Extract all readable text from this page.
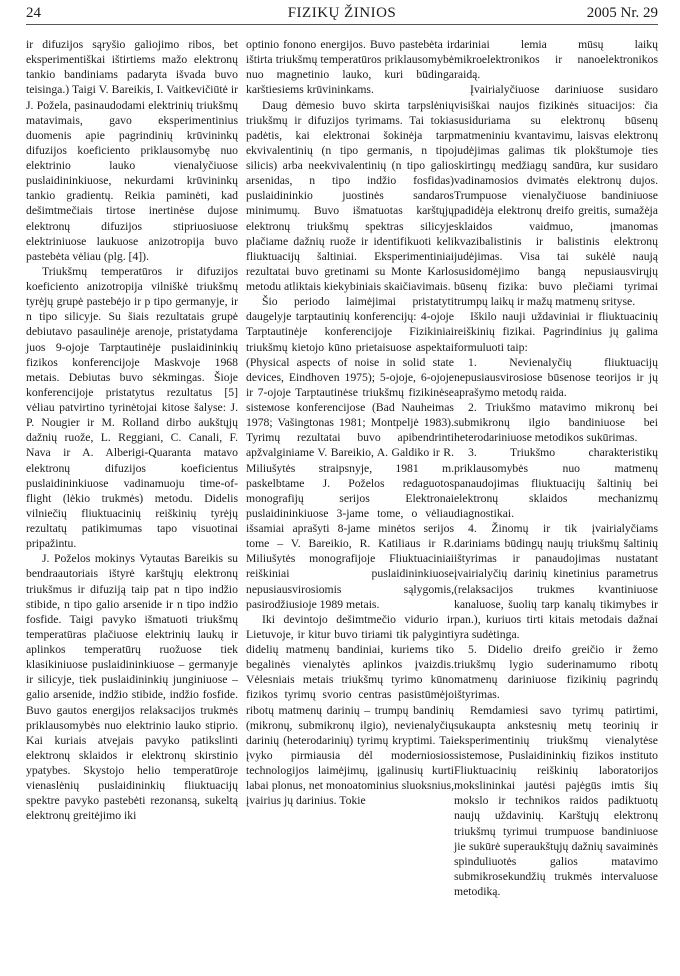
24	FIZIKŲ ŽINIOS	2005 Nr. 29

ir difuzijos sąryšio galiojimo ribos, bet eksperimentiškai ištirtiems mažo elektronų tankio bandiniams padaryta išvada buvo teisinga.) Taigi V. Bareikis, I. Vaitkevičiūtė ir J. Požela, pasinaudodami elektrinių triukšmų matavimais, gavo eksperimentinius duomenis apie pagrindinių krūvininkų difuzijos koeficiento priklausomybę nuo elektrinio lauko vienalyčiuose puslaidininkiuose, nekurdami krūvininkų tankio gradientų. Reikia paminėti, kad dešimtmečiais tirtose inertinėse dujose elektronų difuzijos stipriuosiuose elektriniuose laukuose anizotropija buvo pastebėta vėliau (plg. [4]).

Triukšmų temperatūros ir difuzijos koeficiento anizotropija vilniškė triukšmų tyrėjų grupė pastebėjo ir p tipo germanyje, ir n tipo silicyje. Su šiais rezultatais grupė debiutavo pasaulinėje arenoje, pristatydama juos 9-ojoje Tarptautinėje puslaidininkių fizikos konferencijoje Maskvoje 1968 metais. Debiutas buvo sėkmingas. Šioje konferencijoje pristatytus rezultatus [5] vėliau patvirtino tyrinėtojai kitose šalyse: J. P. Nougier ir M. Rolland dirbo aukštųjų dažnių ruože, L. Reggiani, C. Canali, F. Nava ir A. Alberigi-Quaranta matavo elektronų difuzijos koeficientus puslaidininkiuose vadinamuoju time-of-flight (lėkio trukmės) metodu. Didelis vilniečių fliuktuacinių reiškinių tyrėjų rezultatų patikimumas tapo visuotinai pripažintu.

J. Poželos mokinys Vytautas Bareikis su bendraautoriais ištyrė karštųjų elektronų triukšmus ir difuziją taip pat n tipo indžio stibide, n tipo galio arsenide ir n tipo indžio fosfide. Taigi pavyko išmatuoti triukšmų temperatūras plačiuose elektrinių laukų ir aplinkos temperatūrų ruožuose tiek klasikiniuose puslaidininkiuose – germanyje ir silicyje, tiek puslaidininkių junginiuose – galio arsenide, indžio stibide, indžio fosfide. Buvo gautos energijos relaksacijos trukmės priklausomybės nuo elektrinio lauko stiprio. Kai kuriais atvejais pavyko patikslinti elektronų sklaidos ir elektronų skirstinio ypatybes. Skystojo helio temperatūroje vienaslėnių puslaidininkių fliuktuacijų spektre pavyko pastebėti rezonansą, sukeltą elektronų greitėjimo iki

optinio fonono energijos. Buvo pastebėta ir ištirta triukšmų temperatūros priklausomybė nuo magnetinio lauko, kuri būdinga karštiesiems krūvininkams.

Daug dėmesio buvo skirta tarpslėnių triukšmų ir difuzijos tyrimams. Tai tokia padėtis, kai elektronai šokinėja tarp ekvivalentinių (n tipo germanis, n tipo silicis) arba neekvivalentinių (n tipo galio arsenidas, n tipo indžio fosfidas) puslaidininkio juostinės sandaros minimumų. Buvo išmatuotas karštųjų elektronų triukšmų spektras silicyje plačiame dažnių ruože ir identifikuoti keli fliuktuacijų šaltiniai. Eksperimentiniai rezultatai buvo gretinami su Monte Karlo metodu atliktais kiekybiniais skaičiavimais.

Šio periodo laimėjimai pristatyti daugelyje tarptautinių konferencijų: 4-ojoje Tarptautinėje konferencijoje Fizikiniai triukšmų kietojo kūno prietaisuose aspektai (Physical aspects of noise in solid state devices, Eindhoven 1975); 5-ojoje, 6-ojoje ir 7-ojoje Tarptautinėse triukšmų fizikinėse sisteмose konferencijose (Bad Nauheimas 1978; Vašingtonas 1981; Montpeljė 1983). Tyrimų rezultatai buvo apibendrinti apžvalginiame V. Bareikio, A. Galdiko ir R. Miliušytės straipsnyje, 1981 m. paskelbtame J. Poželos redaguotos monografijų serijos Elektronai puslaidininkiuose 3-jame tome, o vėliau išsamiai aprašyti 8-jame minėtos serijos tome – V. Bareikio, R. Katiliaus ir R. Miliušytės monografijoje Fliuktuaciniai reiškiniai puslaidininkiuose nepusiausvirosiomis sąlygomis, pasirodžiusioje 1989 metais.

Iki devintojo dešimtmečio vidurio ir Lietuvoje, ir kitur buvo tiriami tik palyginti didelių matmenų bandiniai, kuriems tiko begalinės vienalytės aplinkos įvaizdis. Vėlesniais metais triukšmų tyrimo kūno fizikos tyrimų svorio centras pasistūmėjo ribotų matmenų darinių – trumpų bandinių (mikronų, submikronų ilgio), nevienalyčių darinių (heterodarinių) tyrimų kryptimi. Tai įvyko pirmiausia dėl moderniosios technologijos laimėjimų, įgalinusių kurti labai plonus, net monoatominius sluoksnius, įvairius jų darinius. Tokie

dariniai lemia mūsų laikų mikroelektronikos ir nanoelektronikos raidą.

Įvairialyčiuose dariniuose susidaro visiškai naujos fizikinės situacijos: čia susiduriama su elektronų būsenų matmeniniu kvantavimu, laisvas elektronų judėjimas galimas tik plokštumoje ties skirtingų medžiagų sandūra, kur susidaro vadinamosios dvimatės elektronų dujos. Trumpuose vienalyčiuose bandiniuose padidėja elektronų dreifo greitis, sumažėja sklaidos vaidmuo, įmanomas kvazibalistinis ir balistinis elektronų judėjimas. Visa tai sukėlė naują susidomėjimo bangą nepusiausvirųjų būsenų fizika: buvo plečiami tyrimai trumpų laikų ir mažų matmenų srityse.

Iškilo nauji uždaviniai ir fliuktuacinių reiškinių fizikai. Pagrindinius jų galima formuluoti taip:

1. Nevienalyčių fliuktuacijų nepusiausvirosiose būsenose teorijos ir jų aprašymo metodų raida.

2. Triukšmo matavimo mikronų bei submikronų ilgio bandiniuose bei heterodariniuose metodikos sukūrimas.

3. Triukšmo charakteristikų priklausomybės nuo matmenų panaudojimas fliuktuacijų šaltinių bei elektronų sklaidos mechanizmų diagnostikai.

4. Žinomų ir tik įvairialyčiams dariniams būdingų naujų triukšmų šaltinių ištyrimas ir panaudojimas nustatant įvairialyčių darinių kinetinius parametrus (relaksacijos trukmes kvantiniuose kanaluose, šuolių tarp kanalų tikimybes ir pan.), kuriuos tirti kitais metodais dažnai yra sudėtinga.

5. Didelio dreifo greičio ir žemo triukšmų lygio suderinamumo ribotų matmenų dariniuose fizikinių pagrindų ištyrimas.

Remdamiesi savo tyrimų patirtimi, sukaupta ankstesnių metų teorinių ir eksperimentinių triukšmų vienalytėse sistemose, Puslaidininkių fizikos instituto Fliuktuacinių reiškinių laboratorijos mokslininkai jautėsi pajėgūs imtis šių mokslo ir technikos raidos padiktuotų naujų uždavinių. Karštųjų elektronų triukšmų tyrimui trumpuose bandiniuose jie sukūrė superaukštųjų dažnių savaiminės spinduliuotės galios matavimo submikrosekundžių trukmės intervaluose metodiką.
